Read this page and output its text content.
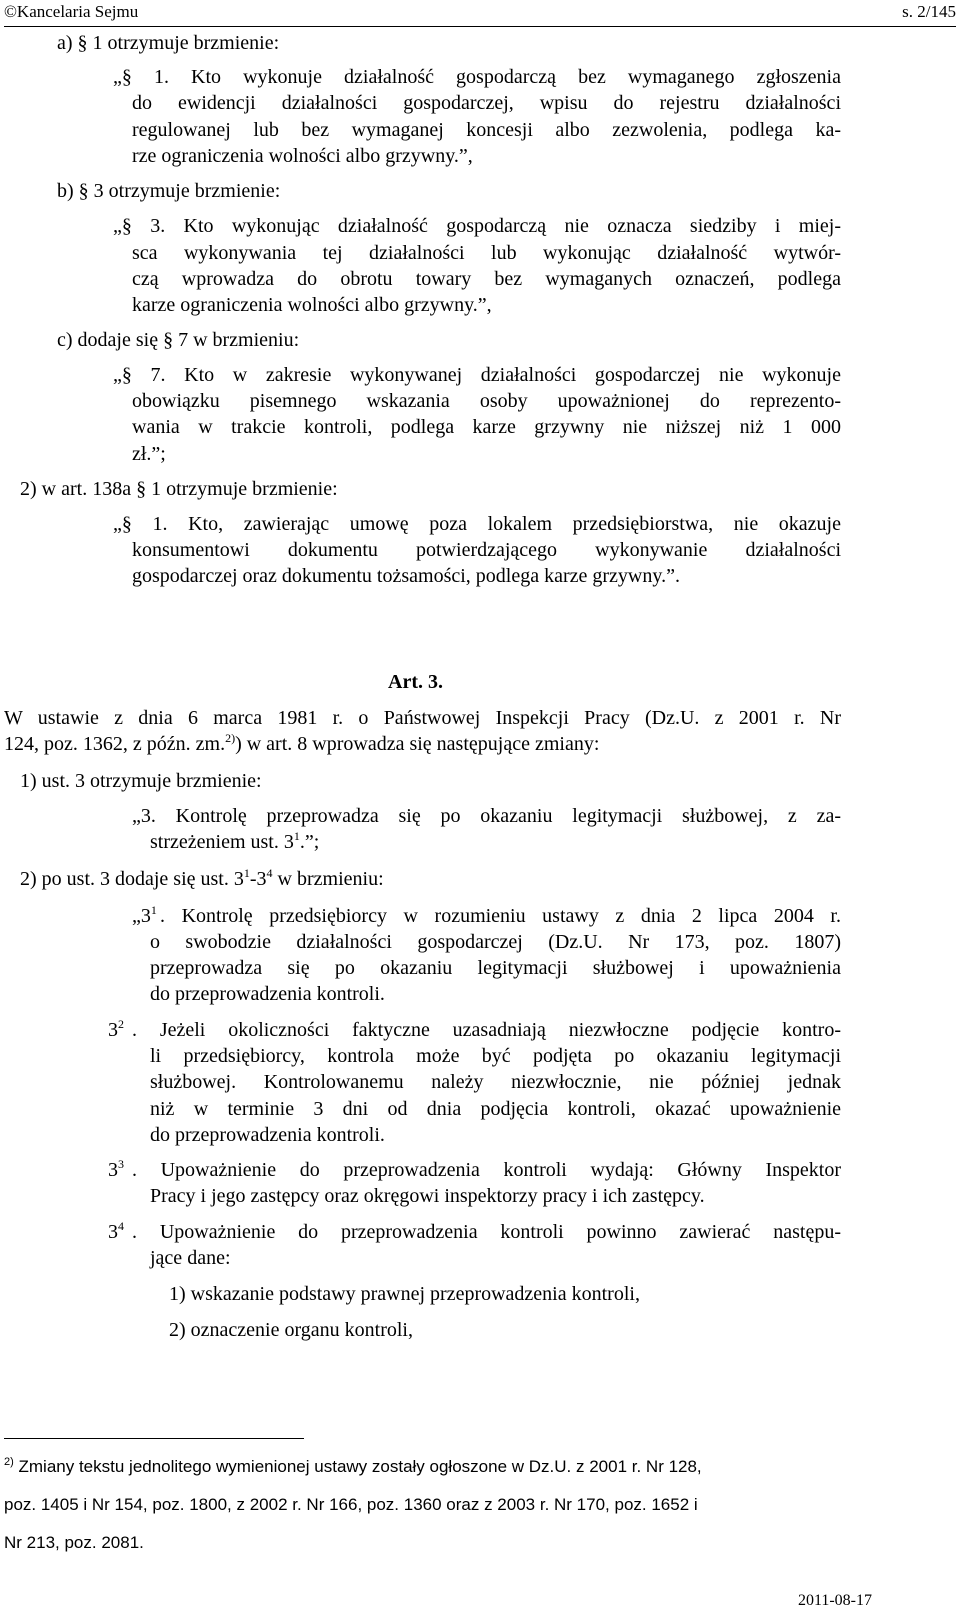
©Kancelaria Sejmu	s. 2/145
a) § 1 otrzymuje brzmienie:
„§ 1. Kto wykonuje działalność gospodarczą bez wymaganego zgłoszenia
do ewidencji działalności gospodarczej, wpisu do rejestru działalności
regulowanej lub bez wymaganej koncesji albo zezwolenia, podlega ka-
rze ograniczenia wolności albo grzywny.”,
b) § 3 otrzymuje brzmienie:
„§ 3. Kto wykonując działalność gospodarczą nie oznacza siedziby i miej-
sca wykonywania tej działalności lub wykonując działalność wytwór-
czą wprowadza do obrotu towary bez wymaganych oznaczeń, podlega
karze ograniczenia wolności albo grzywny.”,
c) dodaje się § 7 w brzmieniu:
„§ 7. Kto w zakresie wykonywanej działalności gospodarczej nie wykonuje
obowiązku pisemnego wskazania osoby upoważnionej do reprezento-
wania w trakcie kontroli, podlega karze grzywny nie niższej niż 1 000
zł.”;
2) w art. 138a § 1 otrzymuje brzmienie:
„§ 1. Kto, zawierając umowę poza lokalem przedsiębiorstwa, nie okazuje
konsumentowi dokumentu potwierdzającego wykonywanie działalności
gospodarczej oraz dokumentu tożsamości, podlega karze grzywny.”.
Art. 3.
W ustawie z dnia 6 marca 1981 r. o Państwowej Inspekcji Pracy (Dz.U. z 2001 r. Nr
124, poz. 1362, z późn. zm.$^{2)}$) w art. 8 wprowadza się następujące zmiany:
1) ust. 3 otrzymuje brzmienie:
„3. Kontrolę przeprowadza się po okazaniu legitymacji służbowej, z za-
strzeżeniem ust. $3^1$.”;
2) po ust. 3 dodaje się ust. $3^1-3^4$ w brzmieniu:
$„3^1$ . Kontrolę przedsiębiorcy w rozumieniu ustawy z dnia 2 lipca 2004 r.
o swobodzie działalności gospodarczej (Dz.U. Nr 173, poz. 1807)
przeprowadza się po okazaniu legitymacji służbowej i upoważnienia
do przeprowadzenia kontroli.
$3^2$ . Jeżeli okoliczności faktyczne uzasadniają niezwłoczne podjęcie kontro-
li przedsiębiorcy, kontrola może być podjęta po okazaniu legitymacji
służbowej. Kontrolowanemu należy niezwłocznie, nie później jednak
niż w terminie 3 dni od dnia podjęcia kontroli, okazać upoważnienie
do przeprowadzenia kontroli.
$3^3$ . Upoważnienie do przeprowadzenia kontroli wydają: Główny Inspektor
Pracy i jego zastępcy oraz okręgowi inspektorzy pracy i ich zastępcy.
$3^4$ . Upoważnienie do przeprowadzenia kontroli powinno zawierać następu-
jące dane:
1) wskazanie podstawy prawnej przeprowadzenia kontroli,
2) oznaczenie organu kontroli,
$^{2)}$ Zmiany tekstu jednolitego wymienionej ustawy zostały ogłoszone w Dz.U. z 2001 r. Nr 128,
poz. 1405 i Nr 154, poz. 1800, z 2002 r. Nr 166, poz. 1360 oraz z 2003 r. Nr 170, poz. 1652 i
Nr 213, poz. 2081.
2011-08-17
